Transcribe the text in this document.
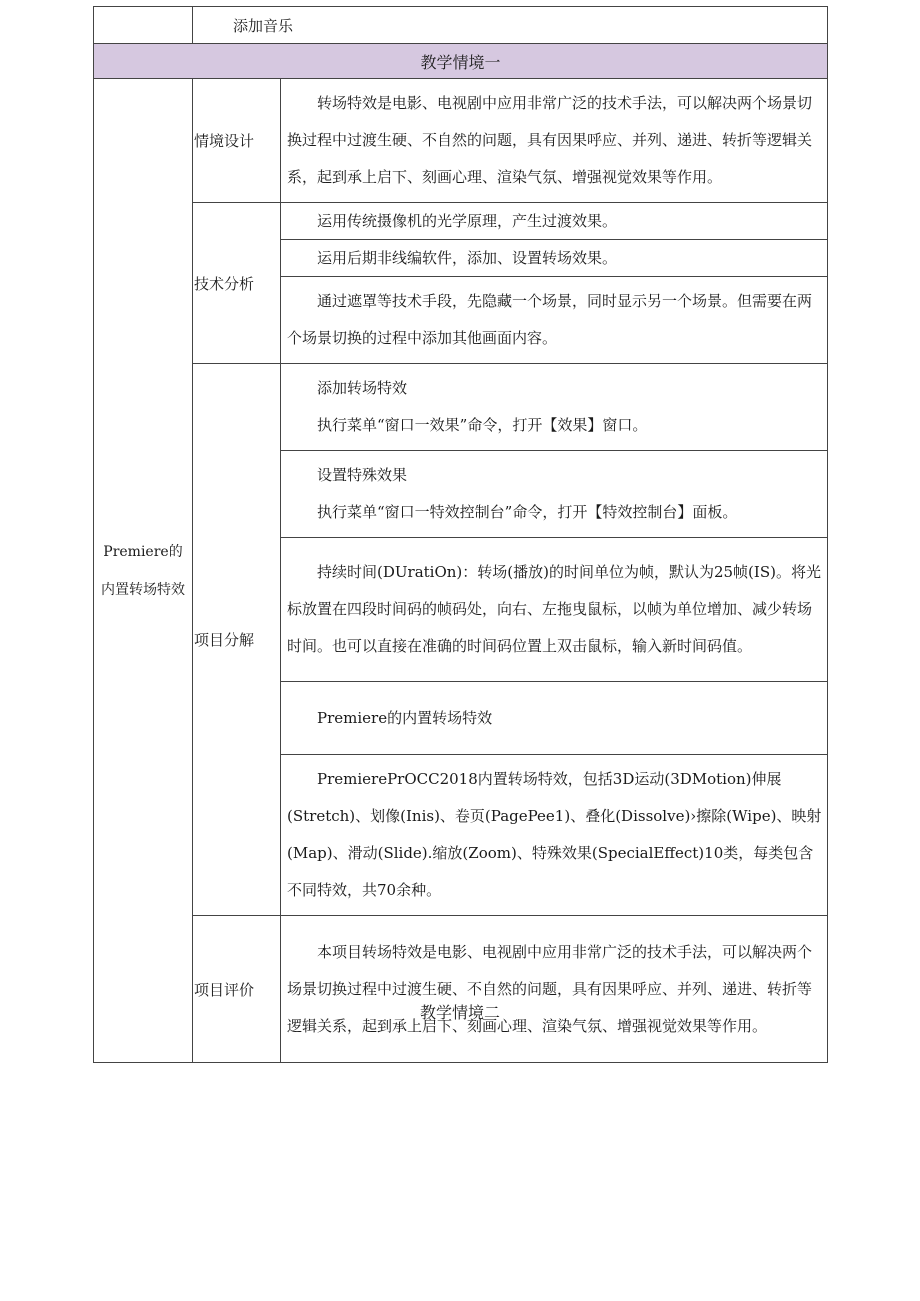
	添加音乐	
教学情境一		
Premiere的内置转场特效	情境设计	转场特效是电影、电视剧中应用非常广泛的技术手法，可以解决两个场景切换过程中过渡生硬、不自然的问题，具有因果呼应、并列、递进、转折等逻辑关系，起到承上启下、刻画心理、渲染气氛、增强视觉效果等作用。
	技术分析	运用传统摄像机的光学原理，产生过渡效果。
		运用后期非线编软件，添加、设置转场效果。
		通过遮罩等技术手段，先隐藏一个场景，同时显示另一个场景。但需要在两个场景切换的过程中添加其他画面内容。
	项目分解	添加转场特效

执行菜单“窗口一效果”命令，打开【效果】窗口。

		设置特殊效果

执行菜单“窗口一特效控制台”命令，打开【特效控制台】面板。

		持续时间(DUratiOn)：转场(播放)的时间单位为帧，默认为25帧(IS)。将光标放置在四段时间码的帧码处，向右、左拖曳鼠标，以帧为单位增加、减少转场时间。也可以直接在准确的时间码位置上双击鼠标，输入新时间码值。
		Premiere的内置转场特效
		PremierePrOCC2018内置转场特效，包括3D运动(3DMotion)伸展(Stretch)、划像(Inis)、卷页(PagePee1)、叠化(Dissolve)›擦除(Wipe)、映射(Map)、滑动(Slide).缩放(Zoom)、特殊效果(SpecialEffect)10类，每类包含不同特效，共70余种。
	项目评价	本项目转场特效是电影、电视剧中应用非常广泛的技术手法，可以解决两个场景切换过程中过渡生硬、不自然的问题，具有因果呼应、并列、递进、转折等逻辑关系，起到承上启下、刻画心理、渲染气氛、增强视觉效果等作用。
教学情境二
